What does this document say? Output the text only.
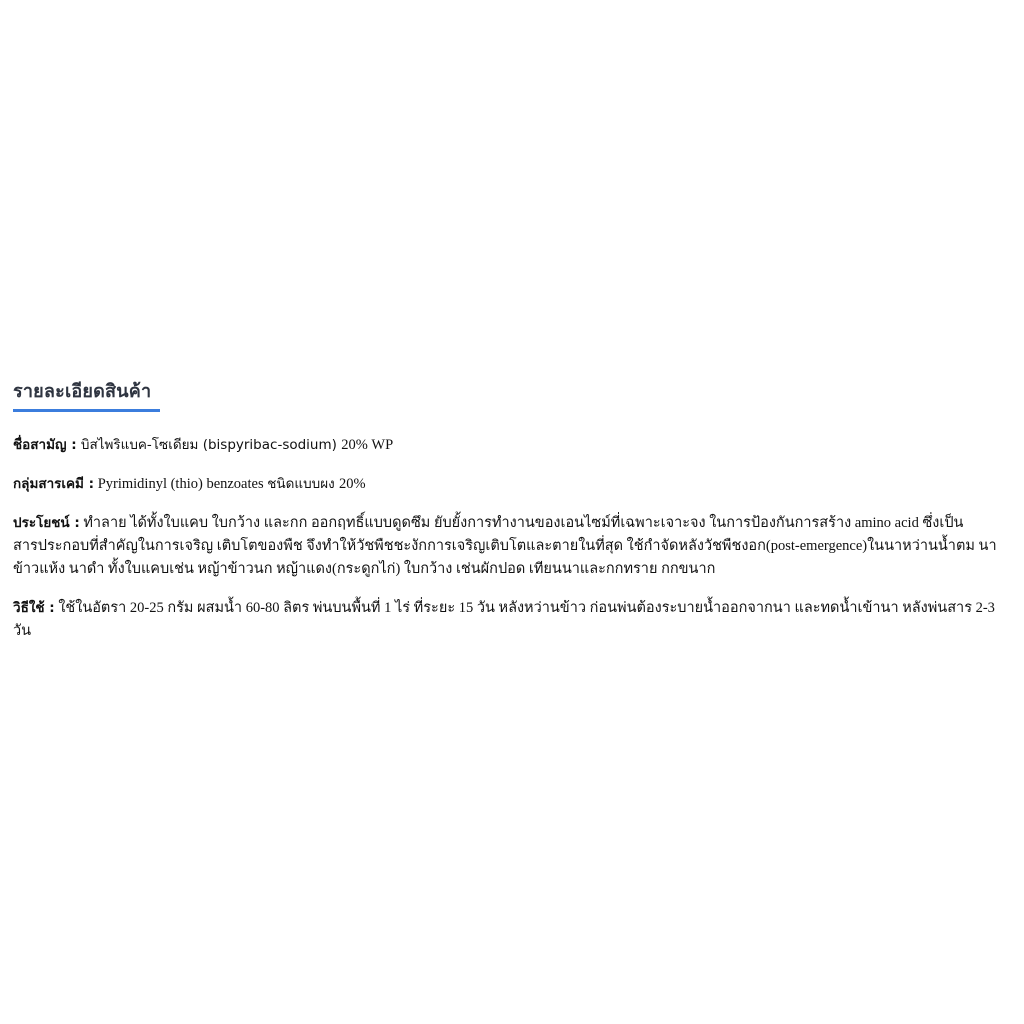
รายละเอียดสินค้า

ชื่อสามัญ : บิสไพริแบค-โซเดียม (bispyribac-sodium) 20% WP

กลุ่มสารเคมี : Pyrimidinyl (thio) benzoates ชนิดแบบผง 20%

ประโยชน์ : ทำลาย ได้ทั้งใบแคบ ใบกว้าง และกก ออกฤทธิ์แบบดูดซึม ยับยั้งการทำงานของเอนไซม์ที่เฉพาะเจาะจง ในการป้องกันการสร้าง amino acid ซึ่งเป็นสารประกอบที่สำคัญในการเจริญ เติบโตของพืช จึงทำให้วัชพืชชะงักการเจริญเติบโตและตายในที่สุด ใช้กำจัดหลังวัชพืชงอก(post-emergence)ในนาหว่านน้ำตม นาข้าวแห้ง นาดำ ทั้งใบแคบเช่น หญ้าข้าวนก หญ้าแดง(กระดูกไก่) ใบกว้าง เช่นผักปอด เทียนนาและกกทราย กกขนาก

วิธีใช้ : ใช้ในอัตรา 20-25 กรัม ผสมน้ำ 60-80 ลิตร พ่นบนพื้นที่ 1 ไร่ ที่ระยะ 15 วัน หลังหว่านข้าว ก่อนพ่นต้องระบายน้ำออกจากนา และทดน้ำเข้านา หลังพ่นสาร 2-3 วัน
